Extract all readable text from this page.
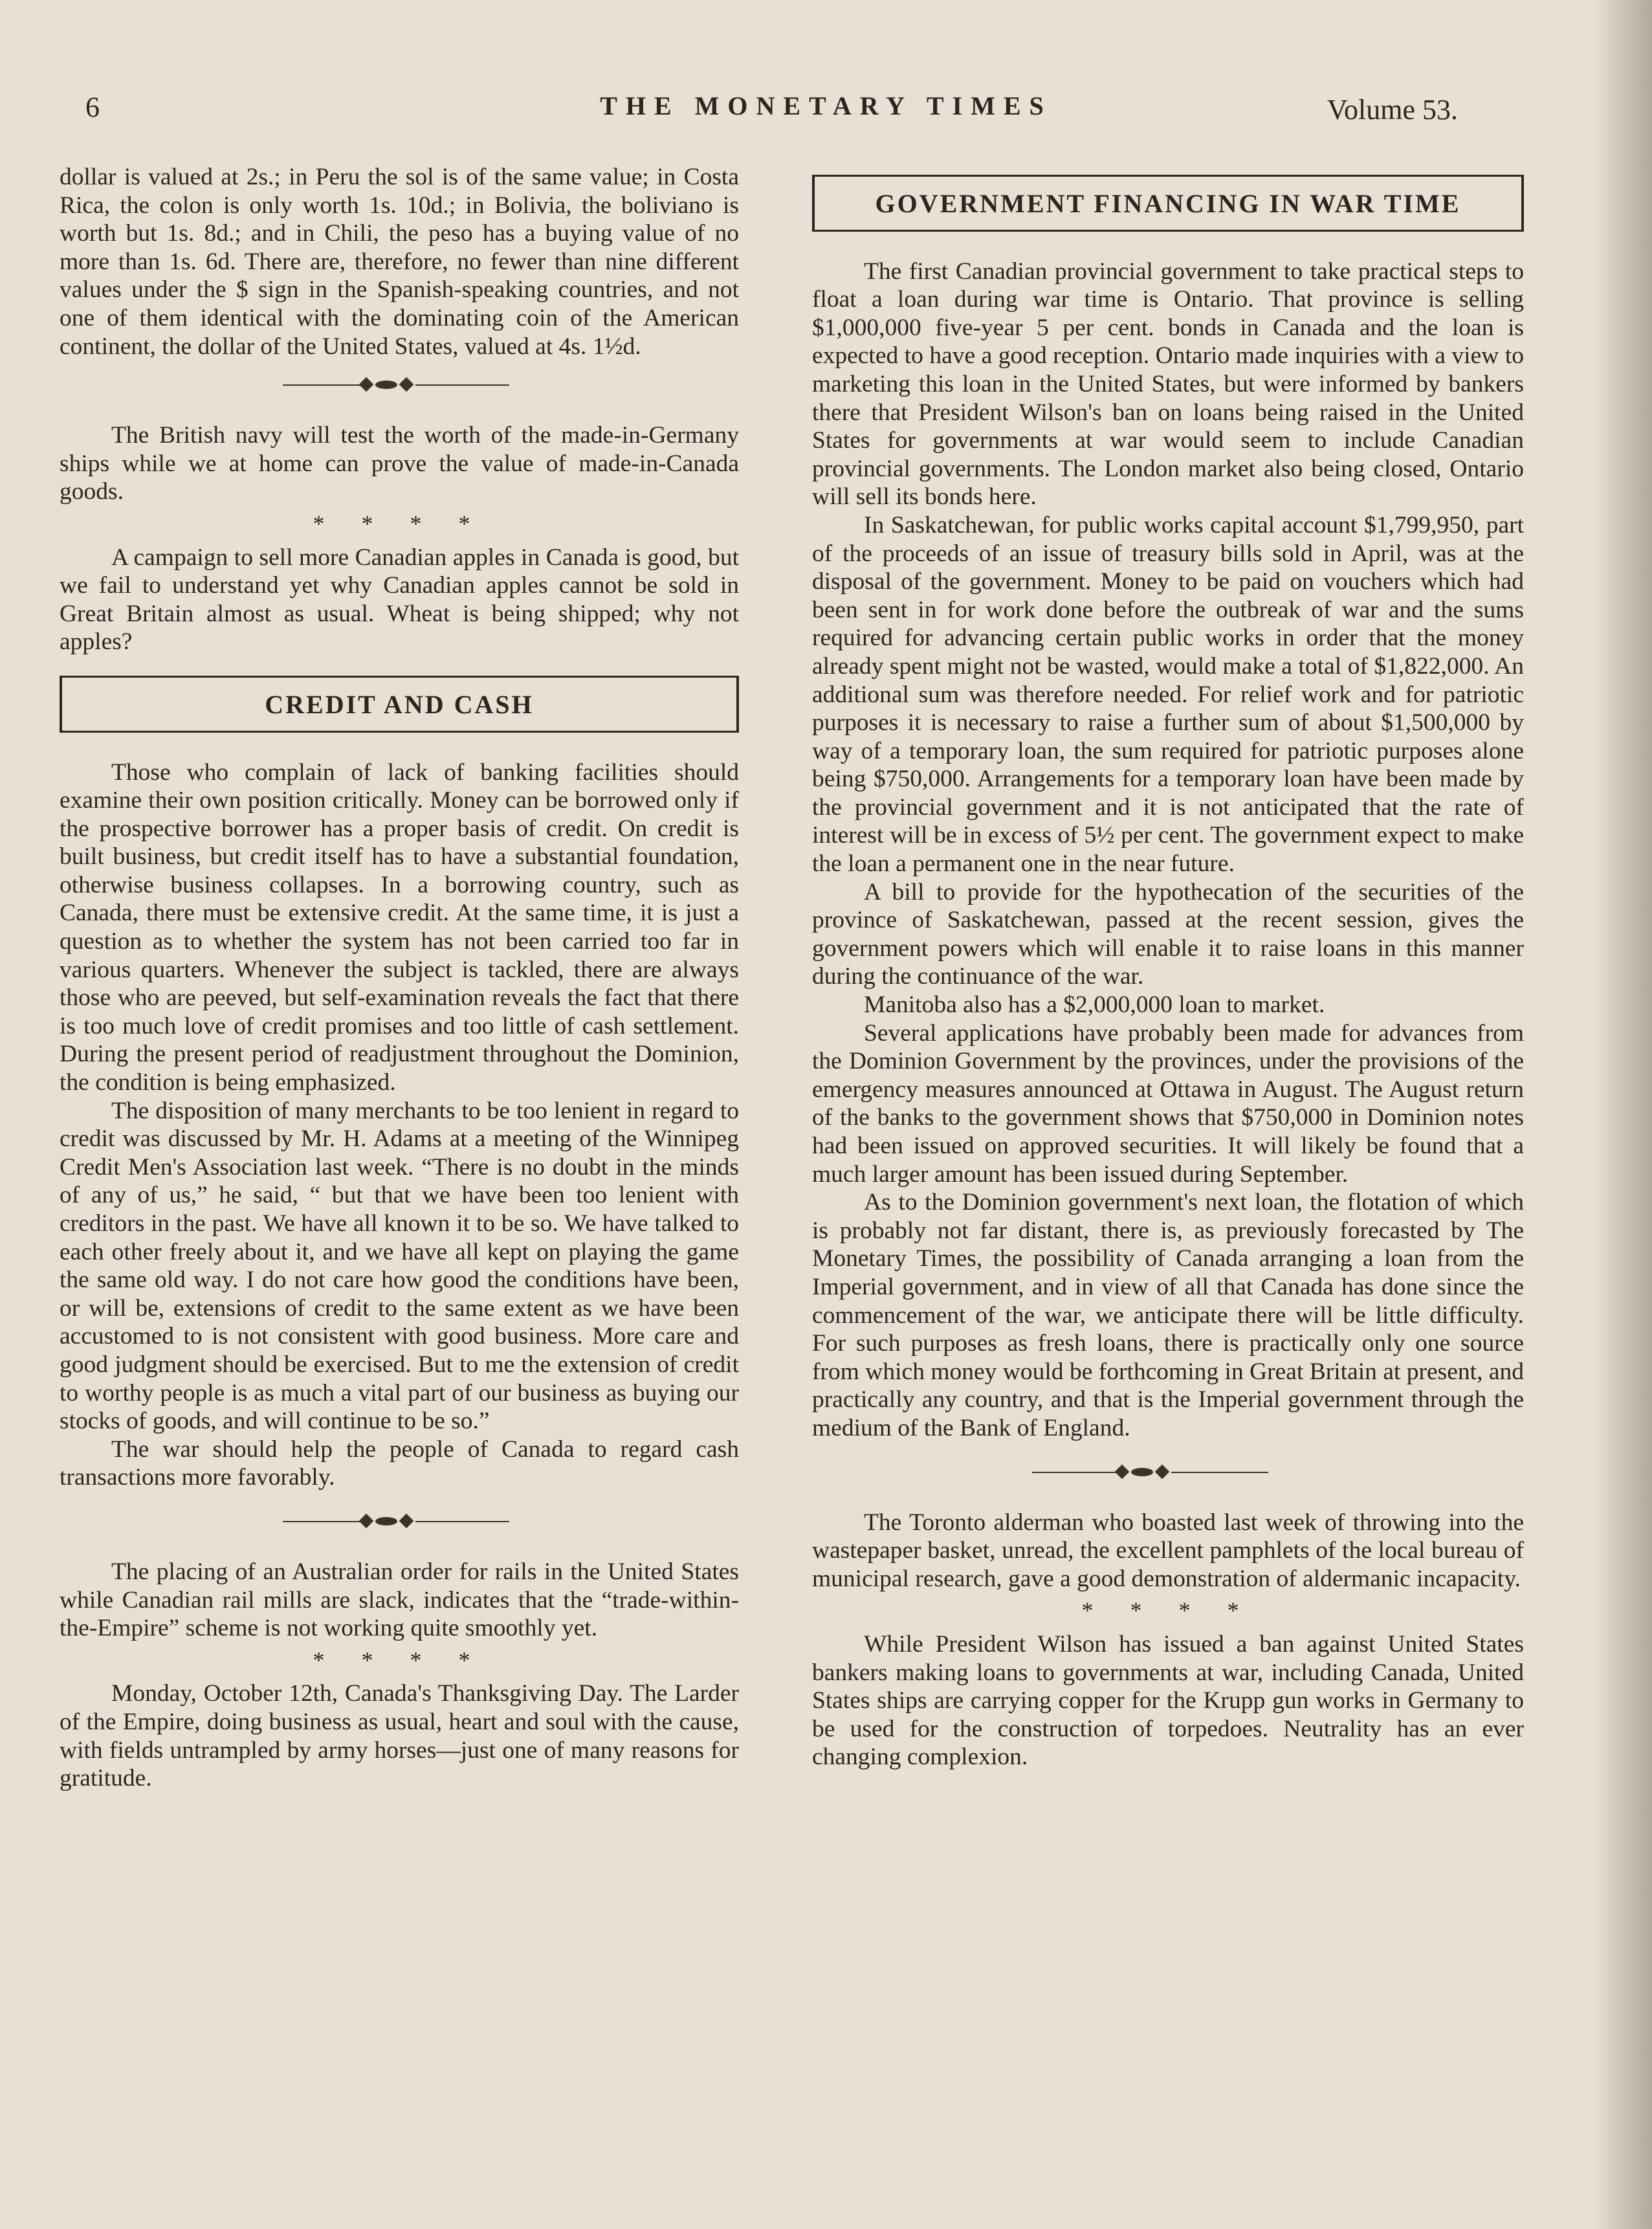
6	THE MONETARY TIMES	Volume 53.

dollar is valued at 2s.; in Peru the sol is of the same value; in Costa Rica, the colon is only worth 1s. 10d.; in Bolivia, the boliviano is worth but 1s. 8d.; and in Chili, the peso has a buying value of no more than 1s. 6d. There are, therefore, no fewer than nine different values under the $ sign in the Spanish-speaking countries, and not one of them identical with the dominating coin of the American continent, the dollar of the United States, valued at 4s. 1½d.

The British navy will test the worth of the made-in-Germany ships while we at home can prove the value of made-in-Canada goods.

* * * *

A campaign to sell more Canadian apples in Canada is good, but we fail to understand yet why Canadian apples cannot be sold in Great Britain almost as usual. Wheat is being shipped; why not apples?

CREDIT AND CASH

Those who complain of lack of banking facilities should examine their own position critically. Money can be borrowed only if the prospective borrower has a proper basis of credit. On credit is built business, but credit itself has to have a substantial foundation, otherwise business collapses. In a borrowing country, such as Canada, there must be extensive credit. At the same time, it is just a question as to whether the system has not been carried too far in various quarters. Whenever the subject is tackled, there are always those who are peeved, but self-examination reveals the fact that there is too much love of credit promises and too little of cash settlement. During the present period of readjustment throughout the Dominion, the condition is being emphasized.

The disposition of many merchants to be too lenient in regard to credit was discussed by Mr. H. Adams at a meeting of the Winnipeg Credit Men's Association last week. “There is no doubt in the minds of any of us,” he said, “ but that we have been too lenient with creditors in the past. We have all known it to be so. We have talked to each other freely about it, and we have all kept on playing the game the same old way. I do not care how good the conditions have been, or will be, extensions of credit to the same extent as we have been accustomed to is not consistent with good business. More care and good judgment should be exercised. But to me the extension of credit to worthy people is as much a vital part of our business as buying our stocks of goods, and will continue to be so.”

The war should help the people of Canada to regard cash transactions more favorably.

The placing of an Australian order for rails in the United States while Canadian rail mills are slack, indicates that the “trade-within-the-Empire” scheme is not working quite smoothly yet.

* * * *

Monday, October 12th, Canada's Thanksgiving Day. The Larder of the Empire, doing business as usual, heart and soul with the cause, with fields untrampled by army horses—just one of many reasons for gratitude.

GOVERNMENT FINANCING IN WAR TIME

The first Canadian provincial government to take practical steps to float a loan during war time is Ontario. That province is selling $1,000,000 five-year 5 per cent. bonds in Canada and the loan is expected to have a good reception. Ontario made inquiries with a view to marketing this loan in the United States, but were informed by bankers there that President Wilson's ban on loans being raised in the United States for governments at war would seem to include Canadian provincial governments. The London market also being closed, Ontario will sell its bonds here.

In Saskatchewan, for public works capital account $1,799,950, part of the proceeds of an issue of treasury bills sold in April, was at the disposal of the government. Money to be paid on vouchers which had been sent in for work done before the outbreak of war and the sums required for advancing certain public works in order that the money already spent might not be wasted, would make a total of $1,822,000. An additional sum was therefore needed. For relief work and for patriotic purposes it is necessary to raise a further sum of about $1,500,000 by way of a temporary loan, the sum required for patriotic purposes alone being $750,000. Arrangements for a temporary loan have been made by the provincial government and it is not anticipated that the rate of interest will be in excess of 5½ per cent. The government expect to make the loan a permanent one in the near future.

A bill to provide for the hypothecation of the securities of the province of Saskatchewan, passed at the recent session, gives the government powers which will enable it to raise loans in this manner during the continuance of the war.

Manitoba also has a $2,000,000 loan to market.

Several applications have probably been made for advances from the Dominion Government by the provinces, under the provisions of the emergency measures announced at Ottawa in August. The August return of the banks to the government shows that $750,000 in Dominion notes had been issued on approved securities. It will likely be found that a much larger amount has been issued during September.

As to the Dominion government's next loan, the flotation of which is probably not far distant, there is, as previously forecasted by The Monetary Times, the possibility of Canada arranging a loan from the Imperial government, and in view of all that Canada has done since the commencement of the war, we anticipate there will be little difficulty. For such purposes as fresh loans, there is practically only one source from which money would be forthcoming in Great Britain at present, and practically any country, and that is the Imperial government through the medium of the Bank of England.

The Toronto alderman who boasted last week of throwing into the wastepaper basket, unread, the excellent pamphlets of the local bureau of municipal research, gave a good demonstration of aldermanic incapacity.

* * * *

While President Wilson has issued a ban against United States bankers making loans to governments at war, including Canada, United States ships are carrying copper for the Krupp gun works in Germany to be used for the construction of torpedoes. Neutrality has an ever changing complexion.
